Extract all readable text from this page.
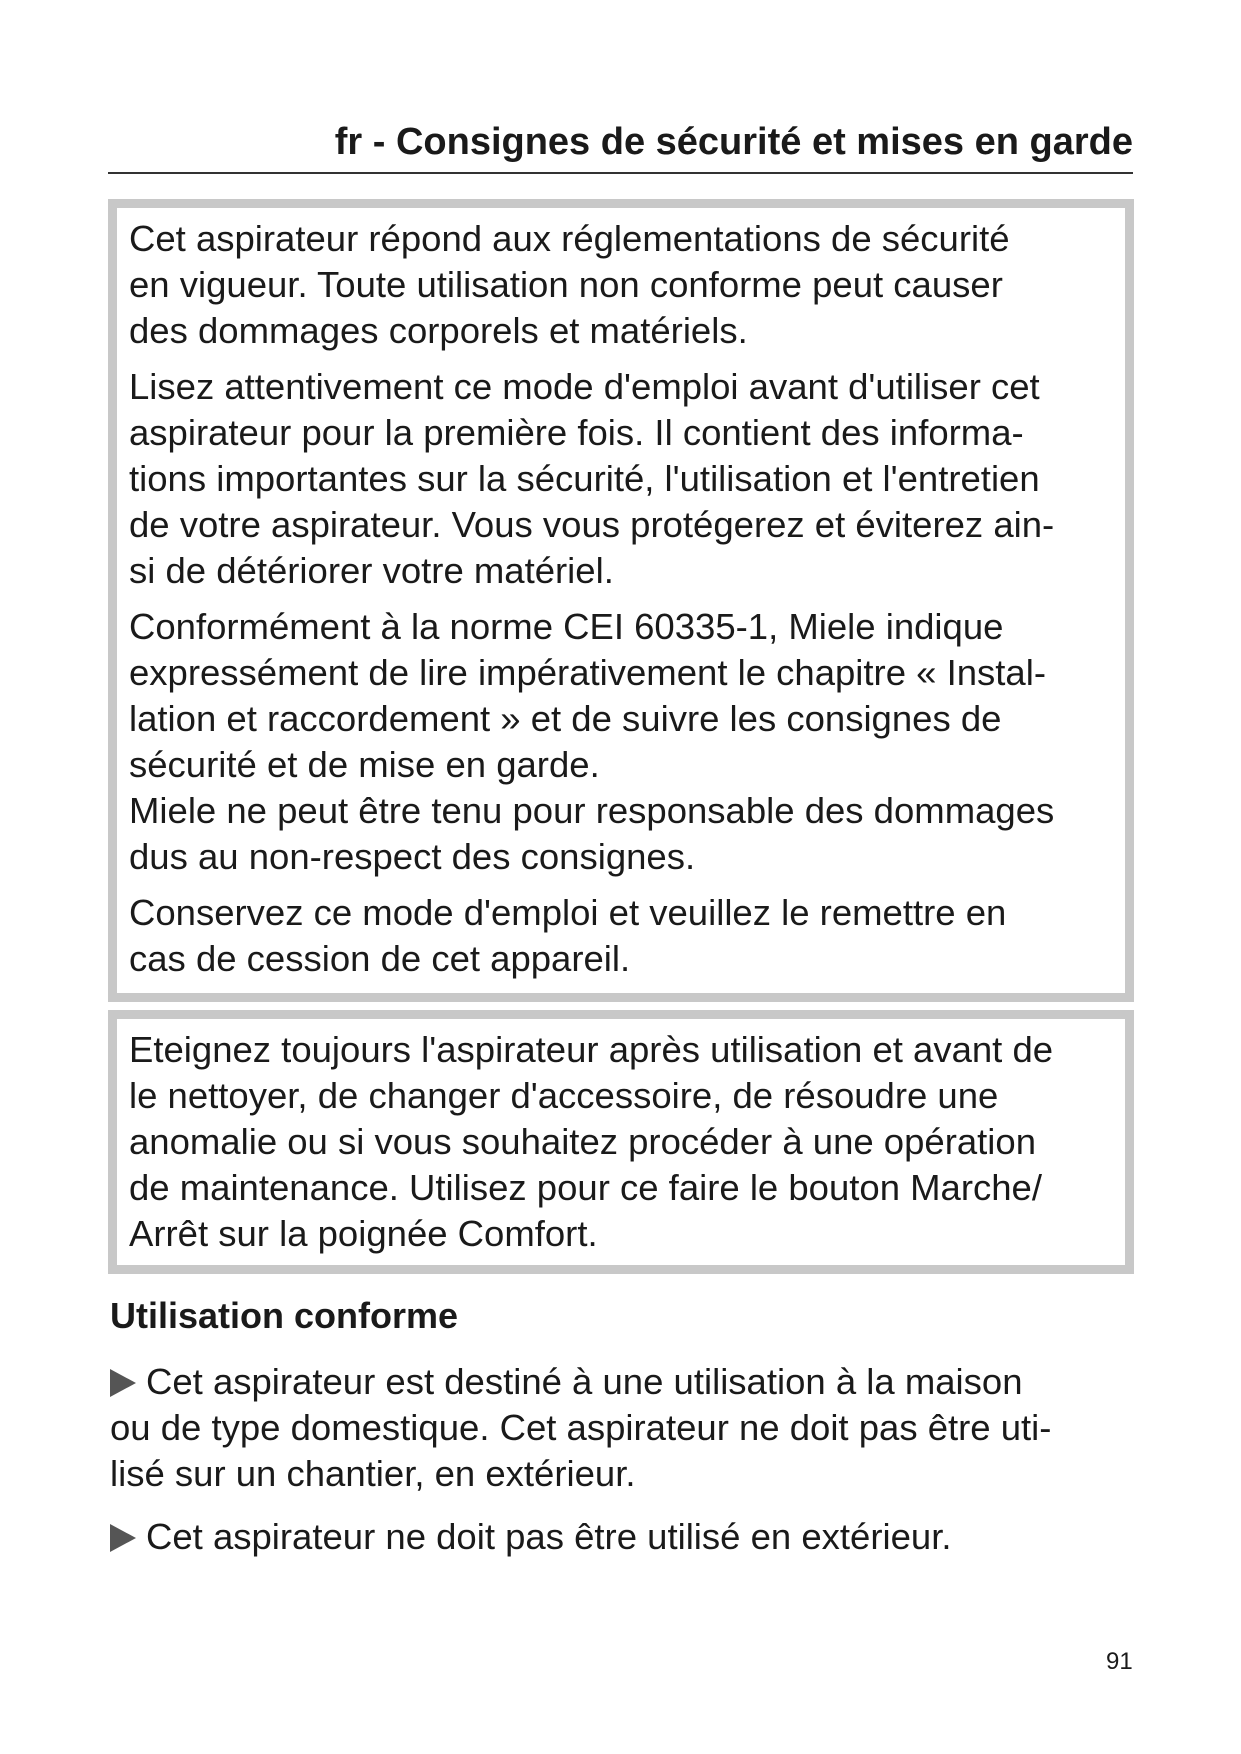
fr - Consignes de sécurité et mises en garde

Cet aspirateur répond aux réglementations de sécurité
en vigueur. Toute utilisation non conforme peut causer
des dommages corporels et matériels.

Lisez attentivement ce mode d'emploi avant d'utiliser cet
aspirateur pour la première fois. Il contient des informa-
tions importantes sur la sécurité, l'utilisation et l'entretien
de votre aspirateur. Vous vous protégerez et éviterez ain-
si de détériorer votre matériel.

Conformément à la norme CEI 60335-1, Miele indique
expressément de lire impérativement le chapitre « Instal-
lation et raccordement » et de suivre les consignes de
sécurité et de mise en garde.

Miele ne peut être tenu pour responsable des dommages
dus au non-respect des consignes.

Conservez ce mode d'emploi et veuillez le remettre en
cas de cession de cet appareil.

Eteignez toujours l'aspirateur après utilisation et avant de
le nettoyer, de changer d'accessoire, de résoudre une
anomalie ou si vous souhaitez procéder à une opération
de maintenance. Utilisez pour ce faire le bouton Marche/
Arrêt sur la poignée Comfort.

Utilisation conforme

Cet aspirateur est destiné à une utilisation à la maison
ou de type domestique. Cet aspirateur ne doit pas être uti-
lisé sur un chantier, en extérieur.

Cet aspirateur ne doit pas être utilisé en extérieur.

91
